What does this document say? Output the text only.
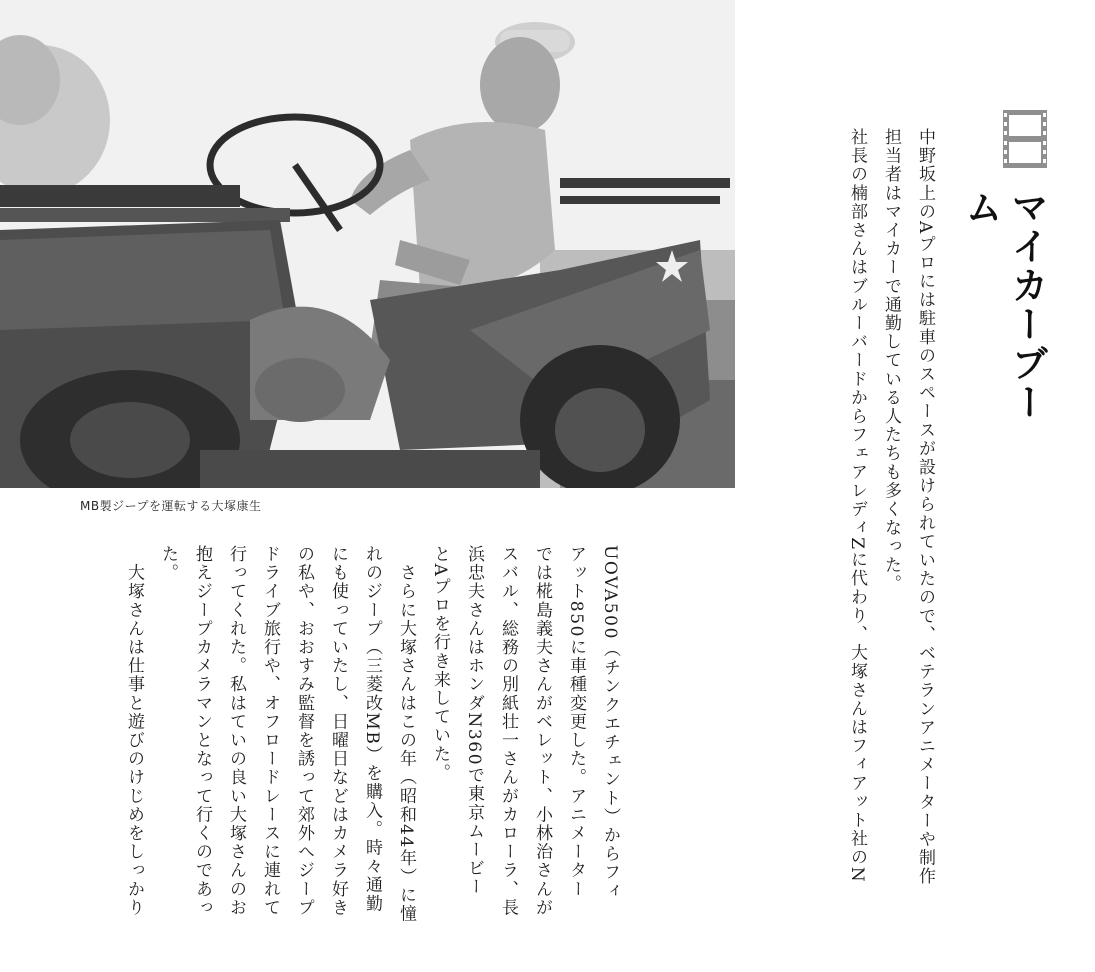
MB製ジープを運転する大塚康生
マイカーブーム
中野坂上のAプロには駐車のスペースが設けられていたので、ベテランアニメーターや制作
担当者はマイカーで通勤している人たちも多くなった。
社長の楠部さんはブルーバードからフェアレディZに代わり、大塚さんはフィアット社のN
UOVA500（チンクエチェント）からフィ
アット850に車種変更した。アニメーター
では椛島義夫さんがベレット、小林治さんが
スバル、総務の別紙壮一さんがカローラ、長
浜忠夫さんはホンダN360で東京ムービー
とAプロを行き来していた。
　さらに大塚さんはこの年（昭和44年）に憧
れのジープ（三菱改MB）を購入。時々通勤
にも使っていたし、日曜日などはカメラ好き
の私や、おおすみ監督を誘って郊外へジープ
ドライブ旅行や、オフロードレースに連れて
行ってくれた。私はていの良い大塚さんのお
抱えジープカメラマンとなって行くのであっ
た。
　大塚さんは仕事と遊びのけじめをしっかり
